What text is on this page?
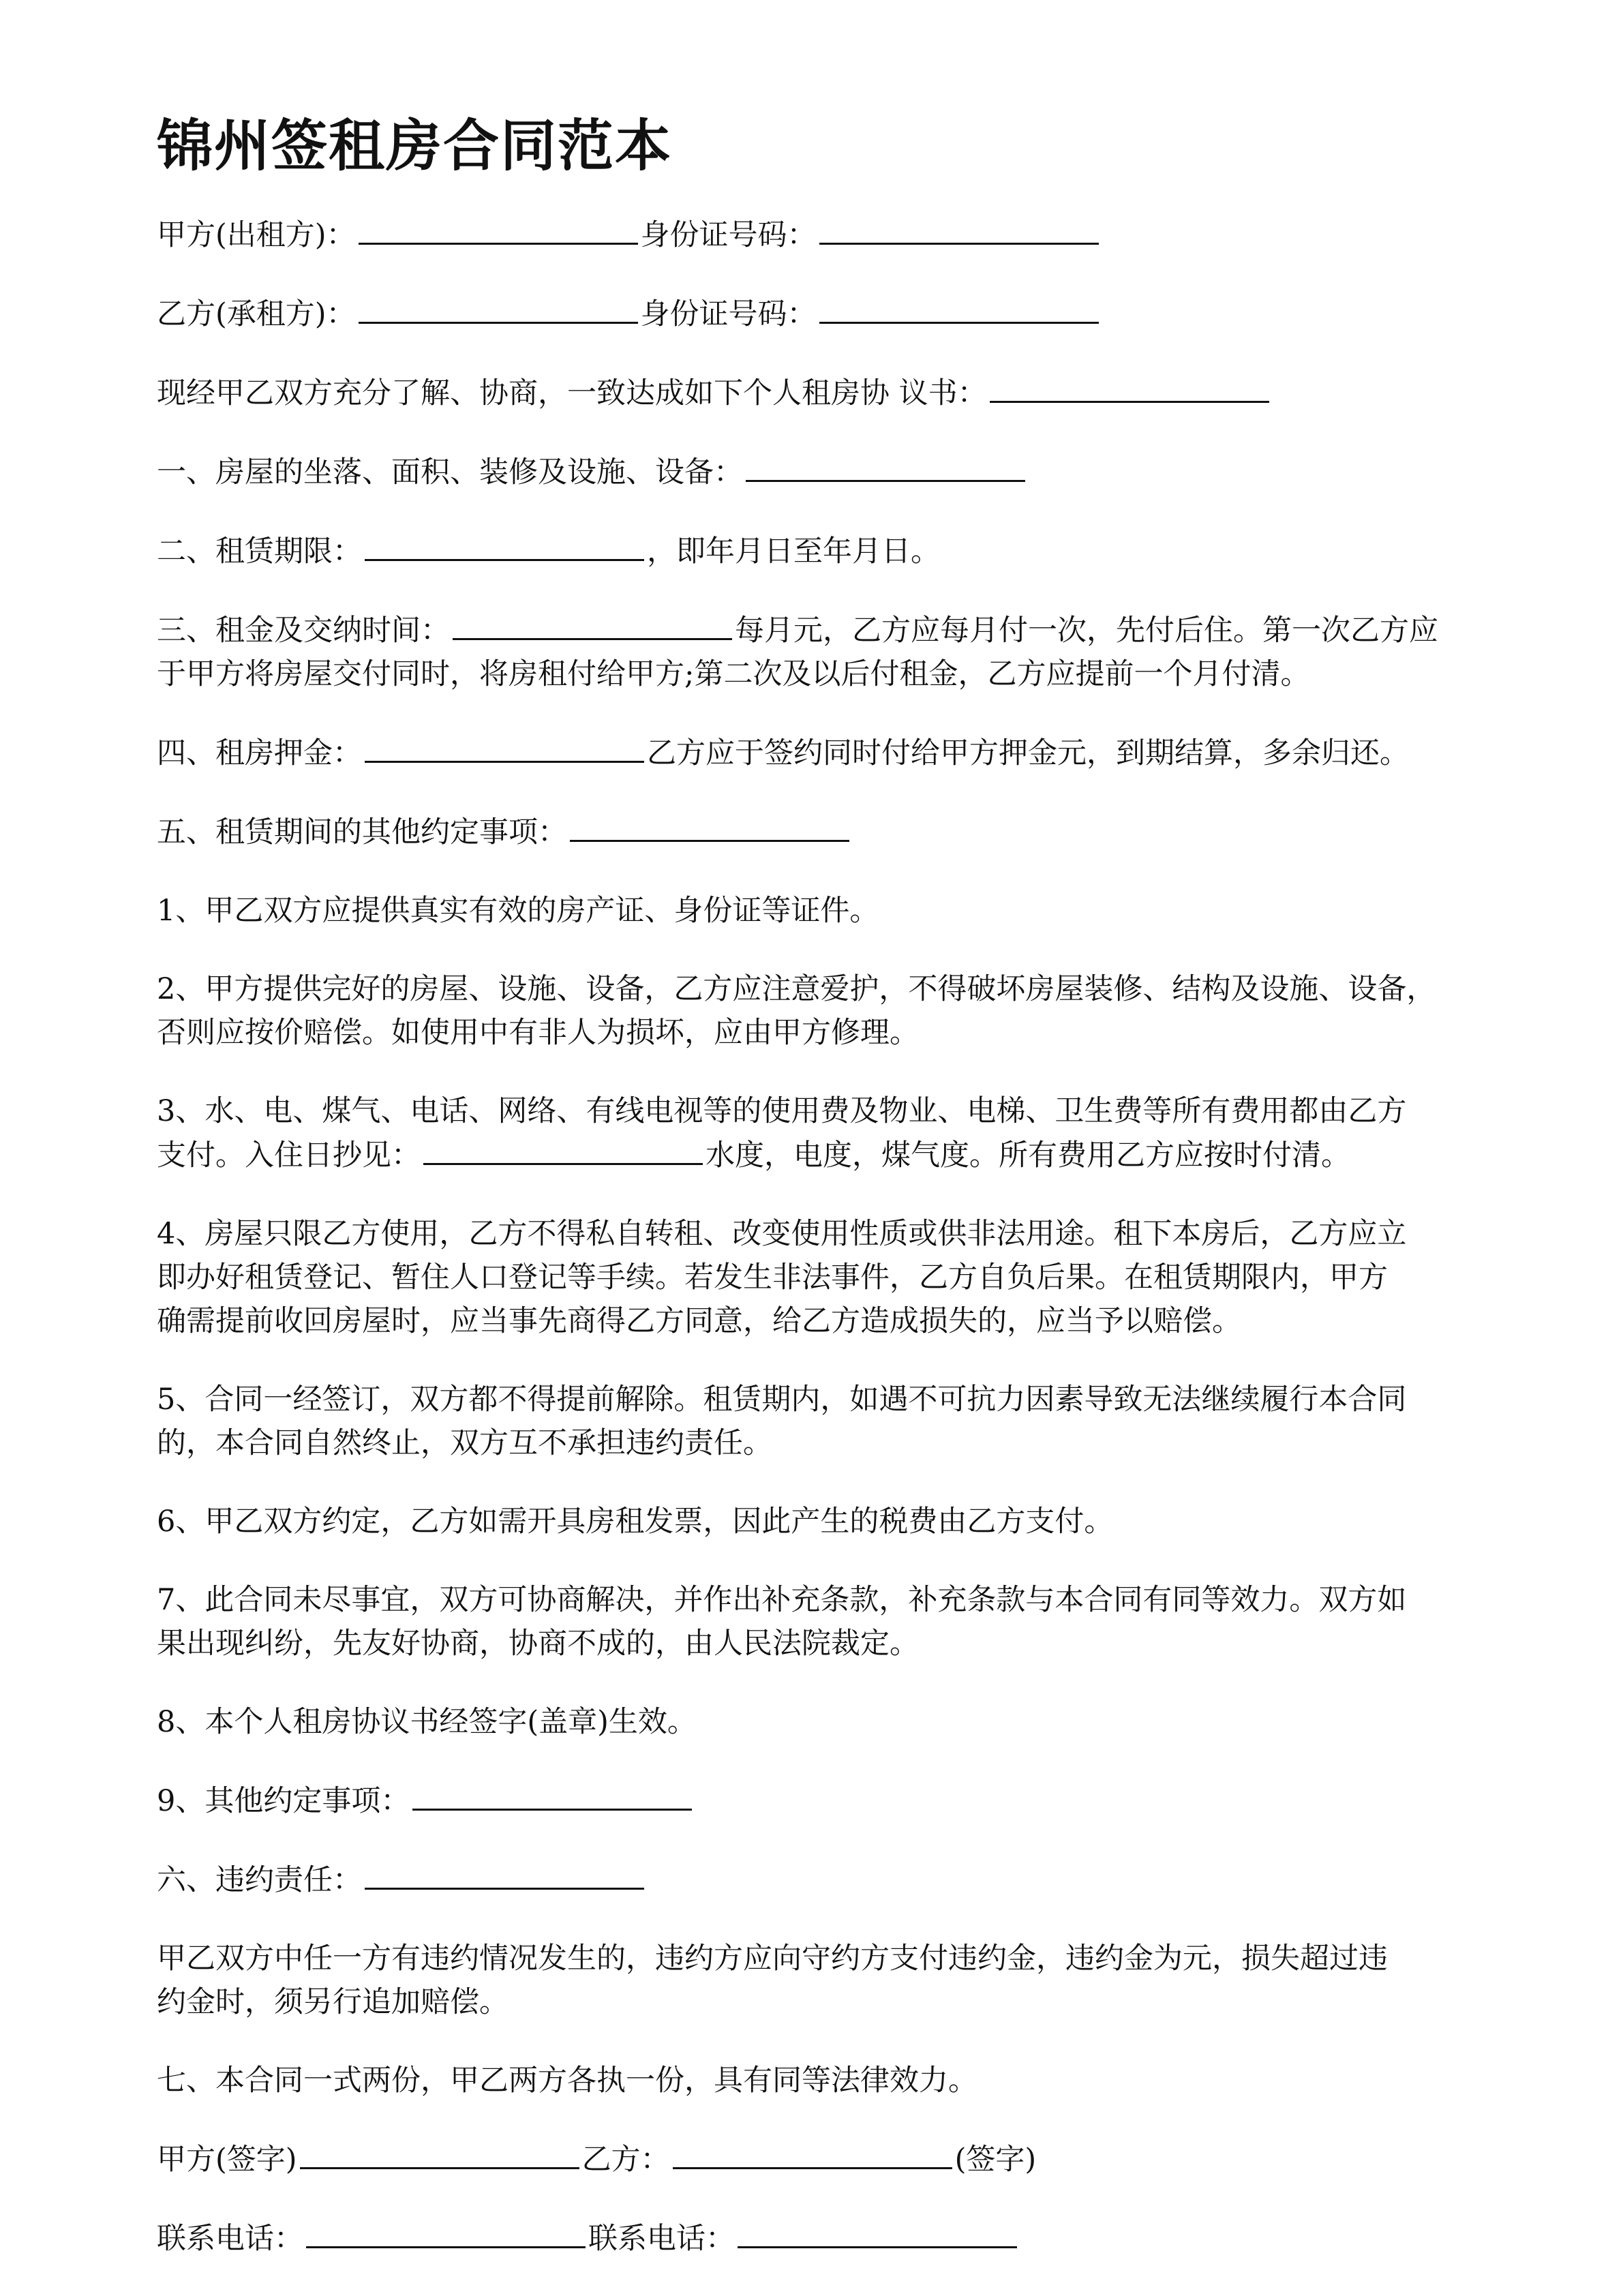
锦州签租房合同范本
甲方(出租方)：	身份证号码：
乙方(承租方)：	身份证号码：
现经甲乙双方充分了解、协商，一致达成如下个人租房协 议书：
一、房屋的坐落、面积、装修及设施、设备：
二、租赁期限：	，即年月日至年月日。
三、租金及交纳时间：	每月元，乙方应每月付一次，先付后住。第一次乙方应
于甲方将房屋交付同时，将房租付给甲方;第二次及以后付租金，乙方应提前一个月付清。
四、租房押金：	乙方应于签约同时付给甲方押金元，到期结算，多余归还。
五、租赁期间的其他约定事项：
1、甲乙双方应提供真实有效的房产证、身份证等证件。
2、甲方提供完好的房屋、设施、设备，乙方应注意爱护，不得破坏房屋装修、结构及设施、设备，
否则应按价赔偿。如使用中有非人为损坏，应由甲方修理。
3、水、电、煤气、电话、网络、有线电视等的使用费及物业、电梯、卫生费等所有费用都由乙方
支付。入住日抄见：	水度，电度，煤气度。所有费用乙方应按时付清。
4、房屋只限乙方使用，乙方不得私自转租、改变使用性质或供非法用途。租下本房后，乙方应立
即办好租赁登记、暂住人口登记等手续。若发生非法事件，乙方自负后果。在租赁期限内，甲方
确需提前收回房屋时，应当事先商得乙方同意，给乙方造成损失的，应当予以赔偿。
5、合同一经签订，双方都不得提前解除。租赁期内，如遇不可抗力因素导致无法继续履行本合同
的，本合同自然终止，双方互不承担违约责任。
6、甲乙双方约定，乙方如需开具房租发票，因此产生的税费由乙方支付。
7、此合同未尽事宜，双方可协商解决，并作出补充条款，补充条款与本合同有同等效力。双方如
果出现纠纷，先友好协商，协商不成的，由人民法院裁定。
8、本个人租房协议书经签字(盖章)生效。
9、其他约定事项：
六、违约责任：
甲乙双方中任一方有违约情况发生的，违约方应向守约方支付违约金，违约金为元，损失超过违
约金时，须另行追加赔偿。
七、本合同一式两份，甲乙两方各执一份，具有同等法律效力。
甲方(签字)	乙方：	(签字)
联系电话：	联系电话：
